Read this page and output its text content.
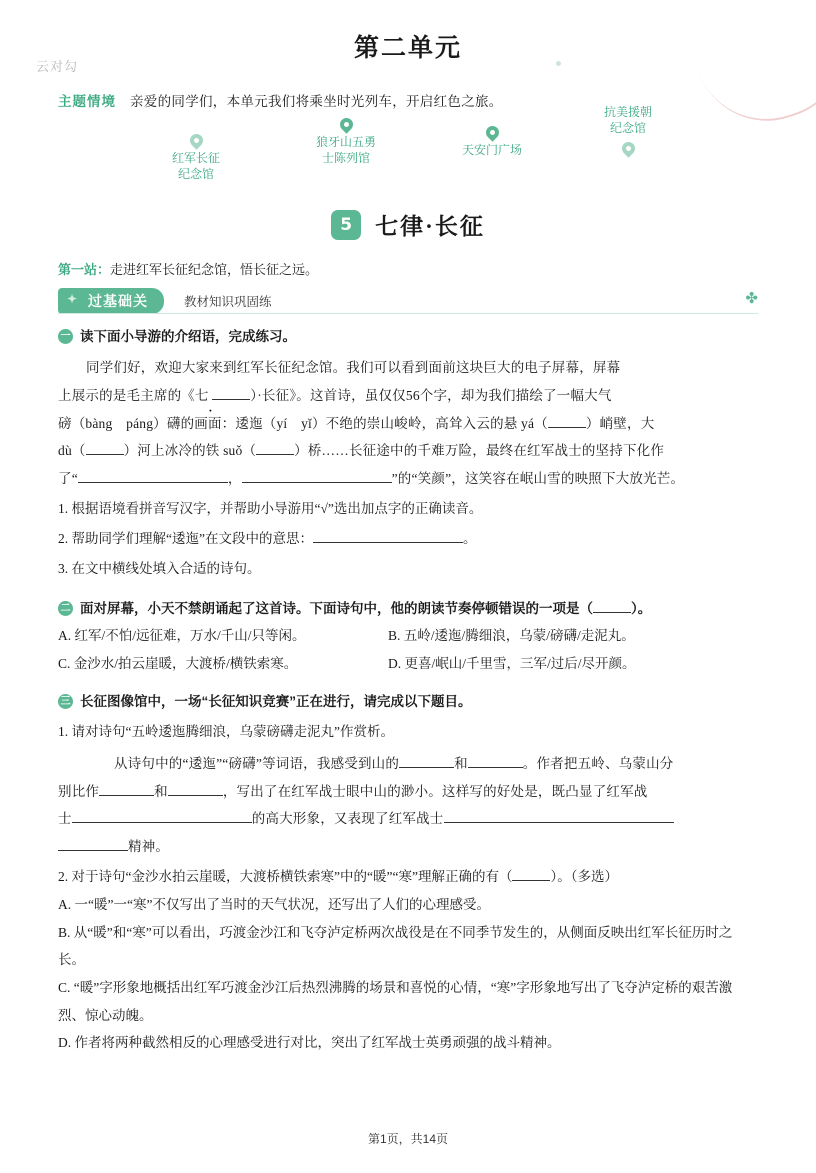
云对勾
第二单元
主题情境 亲爱的同学们，本单元我们将乘坐时光列车，开启红色之旅。
红军长征
纪念馆
狼牙山五勇
士陈列馆
天安门广场
抗美援朝
纪念馆
5	七律·长征
第一站：走进红军长征纪念馆，悟长征之远。
✦ 过基础关	教材知识巩固练	✤
一 读下面小导游的介绍语，完成练习。
同学们好，欢迎大家来到红军长征纪念馆。我们可以看到面前这块巨大的电子屏幕，屏幕
上展示的是毛主席的《七 ·	）·长征》。这首诗，虽仅仅56个字，却为我们描绘了一幅大气
磅（bàng　páng）礴的画面：逶迤（yí　yǐ）不绝的崇山峻岭，高耸入云的悬 yá（	）峭壁，大
dù（	）河上冰冷的铁 suǒ（	）桥……长征途中的千难万险，最终在红军战士的坚持下化作
了“	，	”的“笑颜”，这笑容在岷山雪的映照下大放光芒。
1. 根据语境看拼音写汉字，并帮助小导游用“√”选出加点字的正确读音。
2. 帮助同学们理解“逶迤”在文段中的意思：	。
3. 在文中横线处填入合适的诗句。
二 面对屏幕，小天不禁朗诵起了这首诗。下面诗句中，他的朗读节奏停顿错误的一项是（	）。
A. 红军/不怕/远征难，万水/千山/只等闲。	B. 五岭/逶迤/腾细浪，乌蒙/磅礴/走泥丸。
C. 金沙水/拍云崖暖，大渡桥/横铁索寒。	D. 更喜/岷山/千里雪，三军/过后/尽开颜。
三 长征图像馆中，一场“长征知识竞赛”正在进行，请完成以下题目。
1. 请对诗句“五岭逶迤腾细浪，乌蒙磅礴走泥丸”作赏析。
从诗句中的“逶迤”“磅礴”等词语，我感受到山的	和	。作者把五岭、乌蒙山分
别比作	和	，写出了在红军战士眼中山的渺小。这样写的好处是，既凸显了红军战
士	的高大形象，又表现了红军战士
精神。
2. 对于诗句“金沙水拍云崖暖，大渡桥横铁索寒”中的“暖”“寒”理解正确的有（	）。（多选）
A. 一“暖”一“寒”不仅写出了当时的天气状况，还写出了人们的心理感受。
B. 从“暖”和“寒”可以看出，巧渡金沙江和飞夺泸定桥两次战役是在不同季节发生的，从侧面反映出红军长征历时之长。
C. “暖”字形象地概括出红军巧渡金沙江后热烈沸腾的场景和喜悦的心情，“寒”字形象地写出了飞夺泸定桥的艰苦激烈、惊心动魄。
D. 作者将两种截然相反的心理感受进行对比，突出了红军战士英勇顽强的战斗精神。
第1页，共14页
